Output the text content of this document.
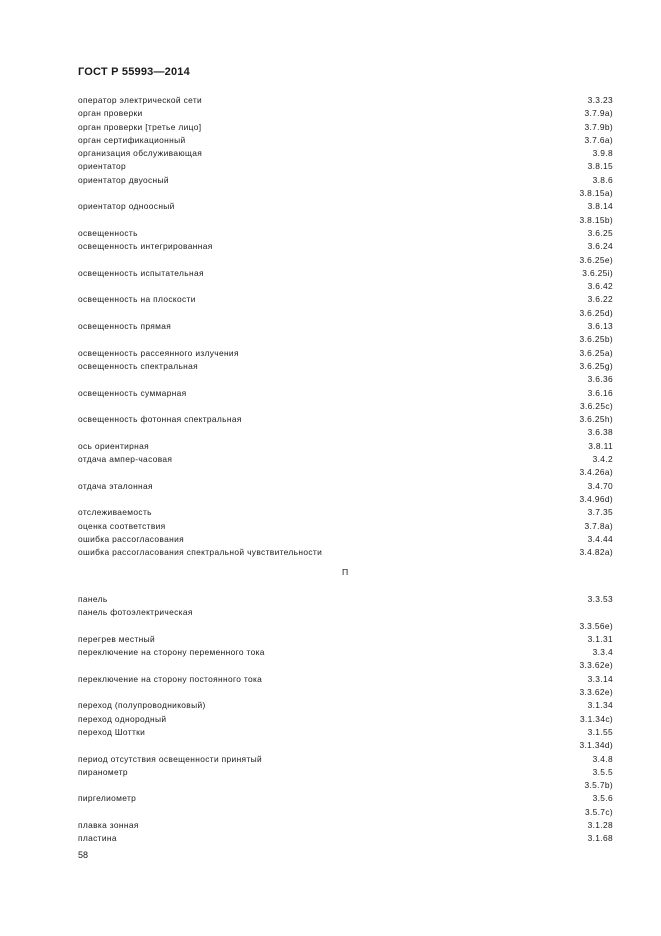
ГОСТ Р 55993—2014
оператор электрической сети	3.3.23
орган проверки	3.7.9а)
орган проверки [третье лицо]	3.7.9b)
орган сертификационный	3.7.6а)
организация обслуживающая	3.9.8
ориентатор	3.8.15
ориентатор двуосный	3.8.6
3.8.15а)
ориентатор одноосный	3.8.14
3.8.15b)
освещенность	3.6.25
освещенность интегрированная	3.6.24
3.6.25е)
освещенность испытательная	3.6.25i)
3.6.42
освещенность на плоскости	3.6.22
3.6.25d)
освещенность прямая	3.6.13
3.6.25b)
освещенность рассеянного излучения	3.6.25а)
освещенность спектральная	3.6.25g)
3.6.36
освещенность суммарная	3.6.16
3.6.25c)
освещенность фотонная спектральная	3.6.25h)
3.6.38
ось ориентирная	3.8.11
отдача ампер-часовая	3.4.2
3.4.26а)
отдача эталонная	3.4.70
3.4.96d)
отслеживаемость	3.7.35
оценка соответствия	3.7.8а)
ошибка рассогласования	3.4.44
ошибка рассогласования спектральной чувствительности	3.4.82а)
П
панель	3.3.53
панель фотоэлектрическая
3.3.56е)
перегрев местный	3.1.31
переключение на сторону переменного тока	3.3.4
3.3.62е)
переключение на сторону постоянного тока	3.3.14
3.3.62е)
переход (полупроводниковый)	3.1.34
переход однородный	3.1.34c)
переход Шоттки	3.1.55
3.1.34d)
период отсутствия освещенности принятый	3.4.8
пиранометр	3.5.5
3.5.7b)
пиргелиометр	3.5.6
3.5.7c)
плавка зонная	3.1.28
пластина	3.1.68
58
